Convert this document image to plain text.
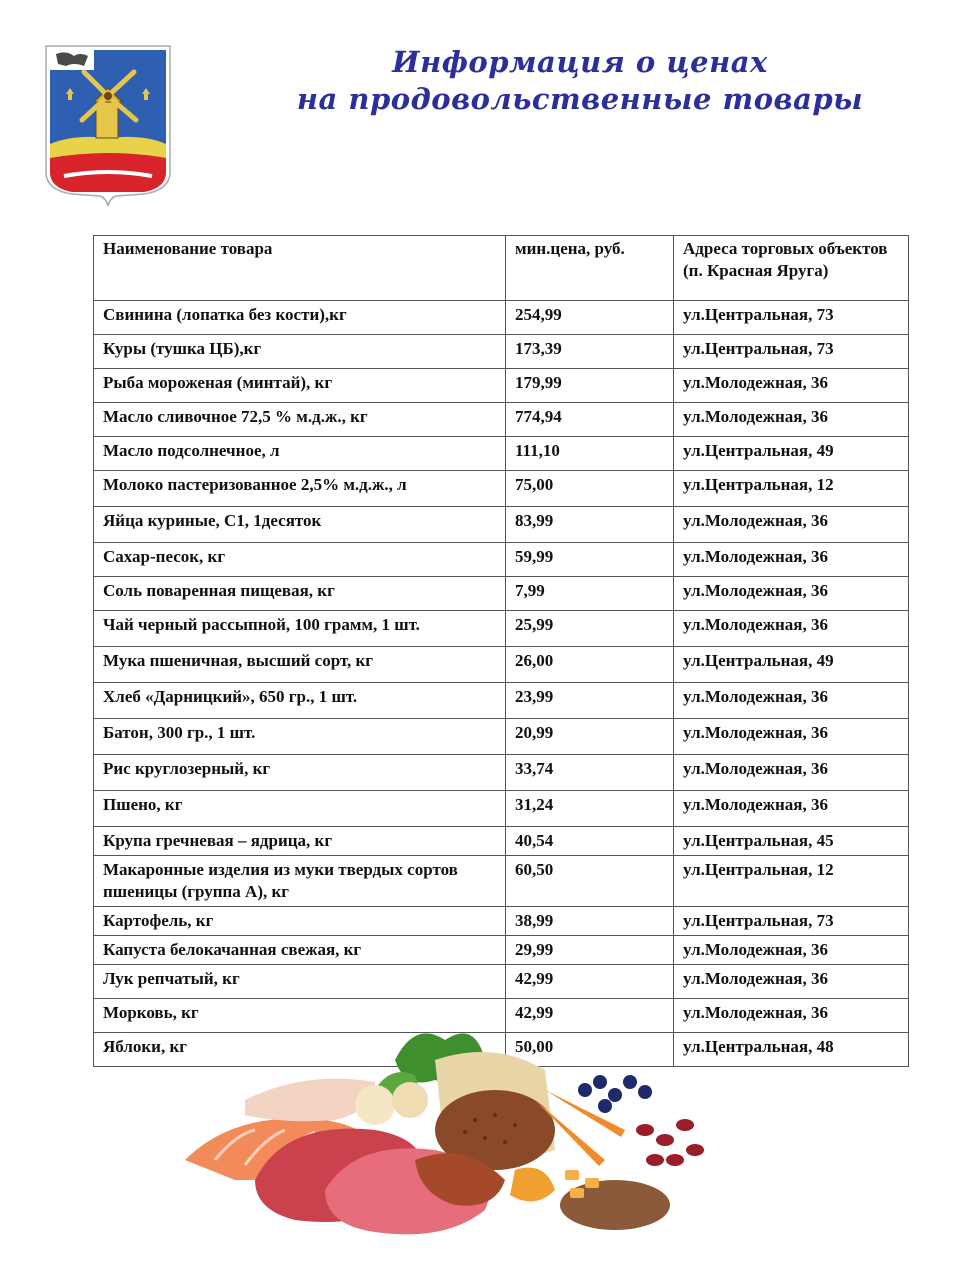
Информация о ценах
на продовольственные товары
Наименование товара	мин.цена, руб.	Адреса торговых объектов (п. Красная Яруга)
Свинина (лопатка без кости),кг	254,99	ул.Центральная, 73
Куры (тушка ЦБ),кг	173,39	ул.Центральная, 73
Рыба мороженая (минтай), кг	179,99	ул.Молодежная, 36
Масло сливочное 72,5 % м.д.ж., кг	774,94	ул.Молодежная, 36
Масло подсолнечное, л	111,10	ул.Центральная, 49
Молоко пастеризованное 2,5% м.д.ж., л	75,00	ул.Центральная, 12
Яйца куриные, С1, 1десяток	83,99	ул.Молодежная, 36
Сахар-песок, кг	59,99	ул.Молодежная, 36
Соль поваренная пищевая, кг	7,99	ул.Молодежная, 36
Чай черный рассыпной, 100 грамм, 1 шт.	25,99	ул.Молодежная, 36
Мука пшеничная, высший сорт, кг	26,00	ул.Центральная, 49
Хлеб «Дарницкий», 650 гр., 1 шт.	23,99	ул.Молодежная, 36
Батон, 300 гр., 1 шт.	20,99	ул.Молодежная, 36
Рис круглозерный, кг	33,74	ул.Молодежная, 36
Пшено, кг	31,24	ул.Молодежная, 36
Крупа гречневая – ядрица, кг	40,54	ул.Центральная, 45
Макаронные изделия из муки твердых сортов пшеницы (группа А), кг	60,50	ул.Центральная, 12
Картофель, кг	38,99	ул.Центральная, 73
Капуста белокачанная свежая, кг	29,99	ул.Молодежная, 36
Лук репчатый, кг	42,99	ул.Молодежная, 36
Морковь, кг	42,99	ул.Молодежная, 36
Яблоки, кг	50,00	ул.Центральная, 48
